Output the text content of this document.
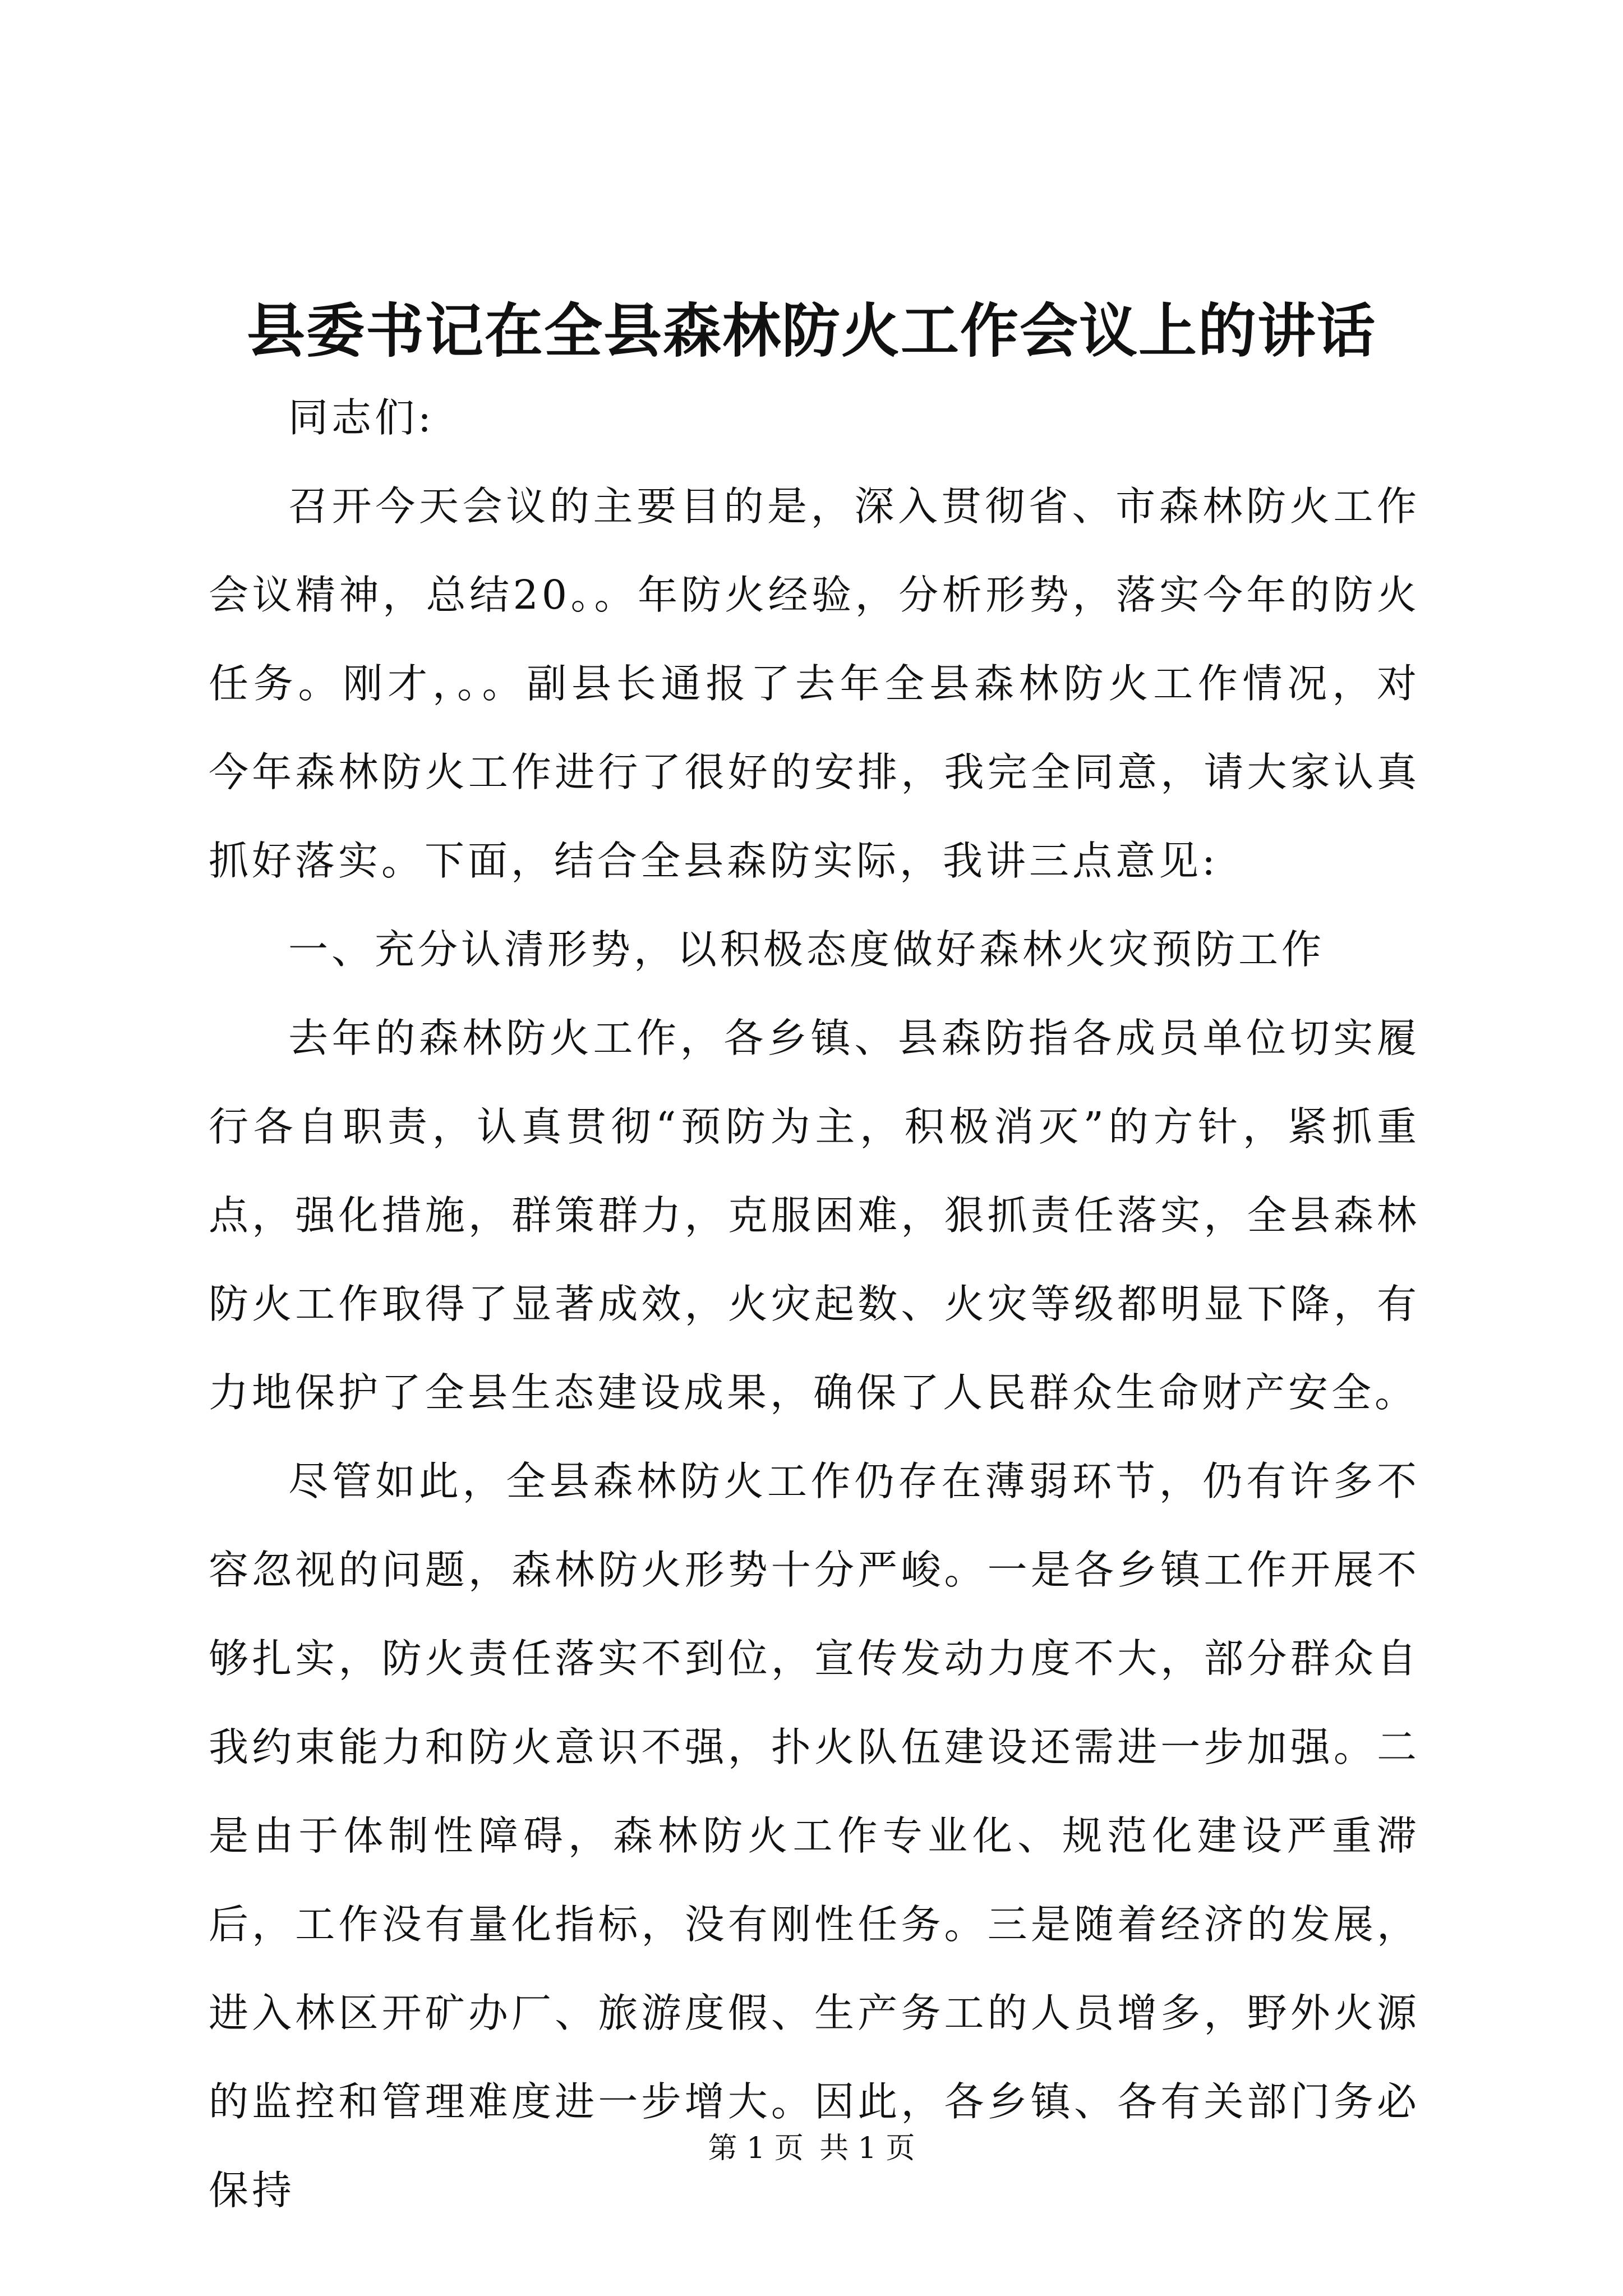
县委书记在全县森林防火工作会议上的讲话

同志们:

召开今天会议的主要目的是，深入贯彻省、市森林防火工作会议精神，总结20。。年防火经验，分析形势，落实今年的防火任务。刚才，。。副县长通报了去年全县森林防火工作情况，对今年森林防火工作进行了很好的安排，我完全同意，请大家认真抓好落实。下面，结合全县森防实际，我讲三点意见:

一、充分认清形势，以积极态度做好森林火灾预防工作

去年的森林防火工作，各乡镇、县森防指各成员单位切实履行各自职责，认真贯彻“预防为主，积极消灭”的方针，紧抓重点，强化措施，群策群力，克服困难，狠抓责任落实，全县森林防火工作取得了显著成效，火灾起数、火灾等级都明显下降，有力地保护了全县生态建设成果，确保了人民群众生命财产安全。

尽管如此，全县森林防火工作仍存在薄弱环节，仍有许多不容忽视的问题，森林防火形势十分严峻。一是各乡镇工作开展不够扎实，防火责任落实不到位，宣传发动力度不大，部分群众自我约束能力和防火意识不强，扑火队伍建设还需进一步加强。二是由于体制性障碍，森林防火工作专业化、规范化建设严重滞后，工作没有量化指标，没有刚性任务。三是随着经济的发展，进入林区开矿办厂、旅游度假、生产务工的人员增多，野外火源的监控和管理难度进一步增大。因此，各乡镇、各有关部门务必保持

第 1 页 共 1 页
